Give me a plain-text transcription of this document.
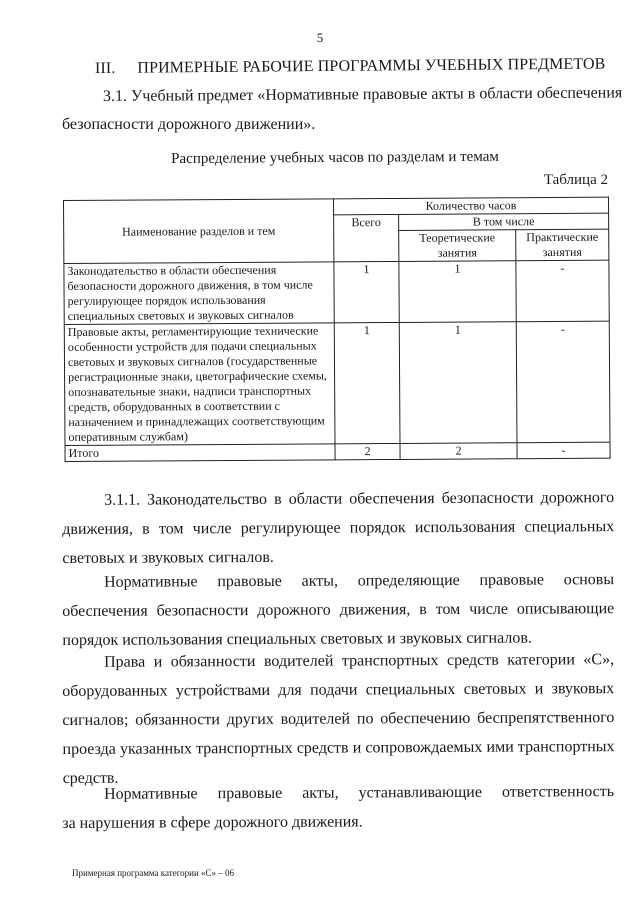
5
III. ПРИМЕРНЫЕ РАБОЧИЕ ПРОГРАММЫ УЧЕБНЫХ ПРЕДМЕТОВ
3.1. Учебный предмет «Нормативные правовые акты в области обеспечения
безопасности дорожного движении».
Распределение учебных часов по разделам и темам
Таблица 2
Наименование разделов и тем	Количество часов		
	Всего	В том числе	
		Теоретические занятия	Практические занятия
Законодательство в области обеспечения безопасности дорожного движения, в том числе регулирующее порядок использования специальных световых и звуковых сигналов	1	1	-
Правовые акты, регламентирующие технические особенности устройств для подачи специальных световых и звуковых сигналов (государственные регистрационные знаки, цветографические схемы, опознавательные знаки, надписи транспортных средств, оборудованных в соответствии с назначением и принадлежащих соответствующим оперативным службам)	1	1	-
Итого	2	2	-
3.1.1. Законодательство в области обеспечения безопасности дорожного движения, в том числе регулирующее порядок использования специальных световых и звуковых сигналов.
Нормативные правовые акты, определяющие правовые основы обеспечения безопасности дорожного движения, в том числе описывающие порядок использования специальных световых и звуковых сигналов.
Права и обязанности водителей транспортных средств категории «С», оборудованных устройствами для подачи специальных световых и звуковых сигналов; обязанности других водителей по обеспечению беспрепятственного проезда указанных транспортных средств и сопровождаемых ими транспортных средств.
Нормативные правовые акты, устанавливающие ответственность
за нарушения в сфере дорожного движения.
Примерная программа категории «С» – 06
